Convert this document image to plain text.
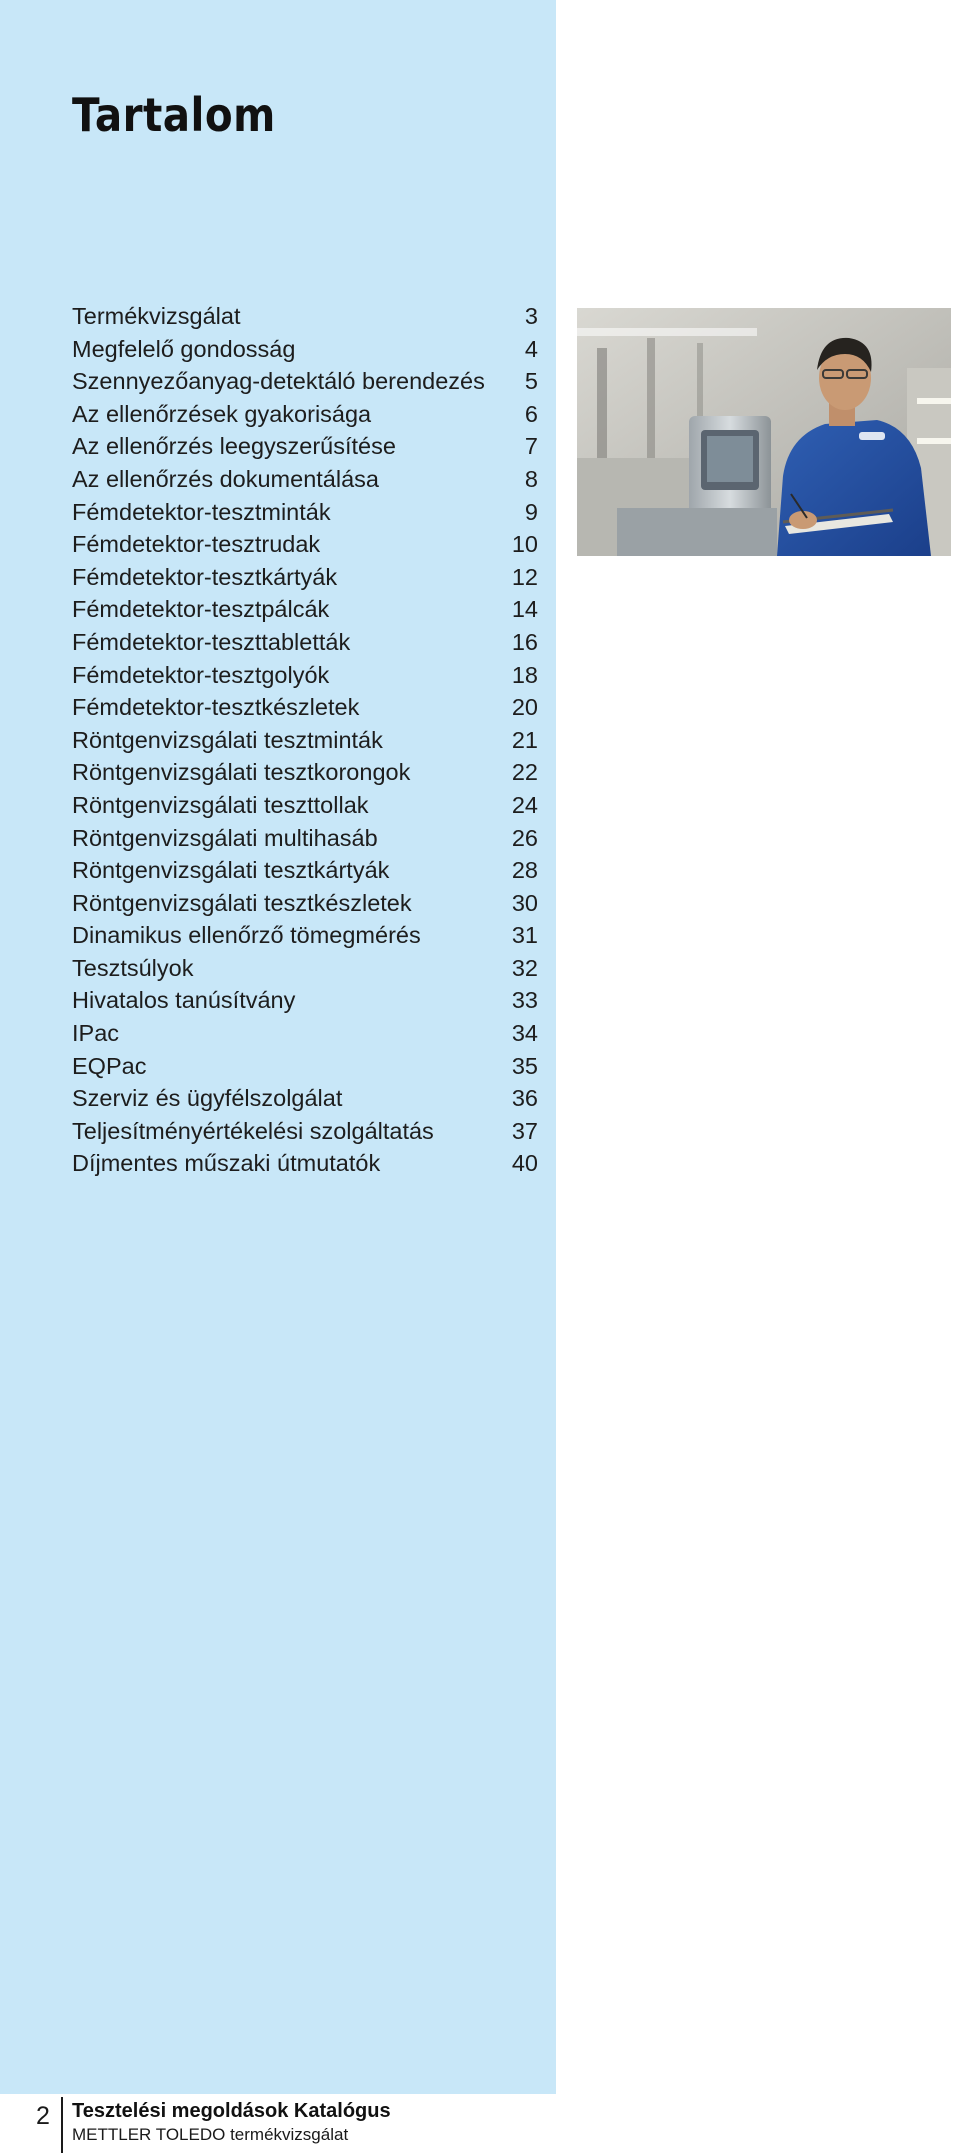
Tartalom
Termékvizsgálat	3
Megfelelő gondosság	4
Szennyezőanyag-detektáló berendezés 5
Az ellenőrzések gyakorisága	6
Az ellenőrzés leegyszerűsítése	7
Az ellenőrzés dokumentálása	8
Fémdetektor-tesztminták	9
Fémdetektor-tesztrudak	10
Fémdetektor-tesztkártyák	12
Fémdetektor-tesztpálcák	14
Fémdetektor-teszttabletták	16
Fémdetektor-tesztgolyók	18
Fémdetektor-tesztkészletek	20
Röntgenvizsgálati tesztminták	21
Röntgenvizsgálati tesztkorongok	22
Röntgenvizsgálati teszttollak	24
Röntgenvizsgálati multihasáb	26
Röntgenvizsgálati tesztkártyák	28
Röntgenvizsgálati tesztkészletek	30
Dinamikus ellenőrző tömegmérés	31
Tesztsúlyok	32
Hivatalos tanúsítvány	33
IPac	34
EQPac	35
Szerviz és ügyfélszolgálat	36
Teljesítményértékelési szolgáltatás	37
Díjmentes műszaki útmutatók	40
2 Tesztelési megoldások Katalógus
METTLER TOLEDO termékvizsgálat
